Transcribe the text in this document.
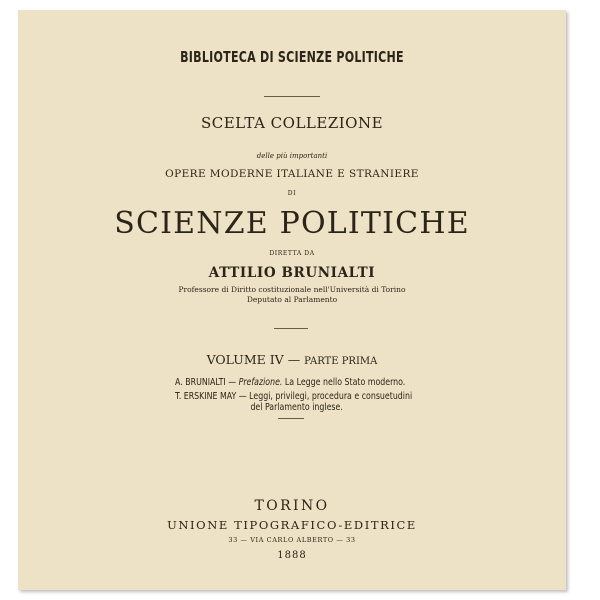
BIBLIOTECA DI SCIENZE POLITICHE
SCELTA COLLEZIONE
delle più importanti
OPERE MODERNE ITALIANE E STRANIERE
DI
SCIENZE POLITICHE
DIRETTA DA
ATTILIO BRUNIALTI
Professore di Diritto costituzionale nell'Università di Torino
Deputato al Parlamento
VOLUME IV — PARTE PRIMA
A. BRUNIALTI — Prefazione. La Legge nello Stato moderno.
T. ERSKINE MAY — Leggi, privilegi, procedura e consuetudini
del Parlamento inglese.
TORINO
UNIONE TIPOGRAFICO-EDITRICE
33 — VIA CARLO ALBERTO — 33
1888
